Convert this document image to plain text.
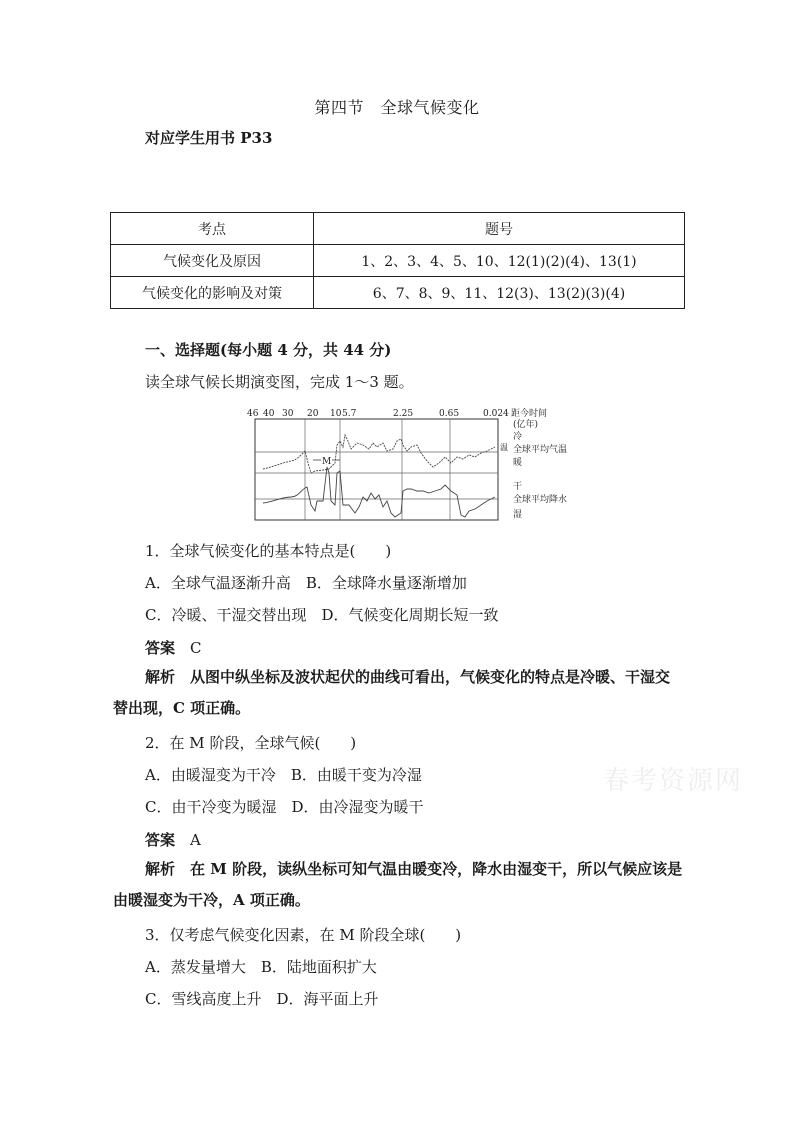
第四节　全球气候变化
对应学生用书 P33
考点	题号
气候变化及原因	1、2、3、4、5、10、12(1)(2)(4)、13(1)
气候变化的影响及对策	6、7、8、9、11、12(3)、13(2)(3)(4)
一、选择题(每小题 4 分，共 44 分)
读全球气候长期演变图，完成 1～3 题。
46 40 30 20 10 5.7	2.25	0.65	0.024 距今时间
(亿年)
冷
温 全球平均气温
暖
干
全球平均降水
湿
M
1．全球气候变化的基本特点是(　　)
A．全球气温逐渐升高　B．全球降水量逐渐增加
C．冷暖、干湿交替出现　D．气候变化周期长短一致
答案　 C
解析　 从图中纵坐标及波状起伏的曲线可看出，气候变化的特点是冷暖、干湿交替出现，C 项正确。
2．在 M 阶段，全球气候(　　)
A．由暖湿变为干冷　B．由暖干变为冷湿
C．由干冷变为暖湿　D．由冷湿变为暖干
答案　 A
解析　 在 M 阶段，读纵坐标可知气温由暖变冷，降水由湿变干，所以气候应该是由暖湿变为干冷，A 项正确。
3．仅考虑气候变化因素，在 M 阶段全球(　　)
A．蒸发量增大　B．陆地面积扩大
C．雪线高度上升　D．海平面上升
春考资源网
